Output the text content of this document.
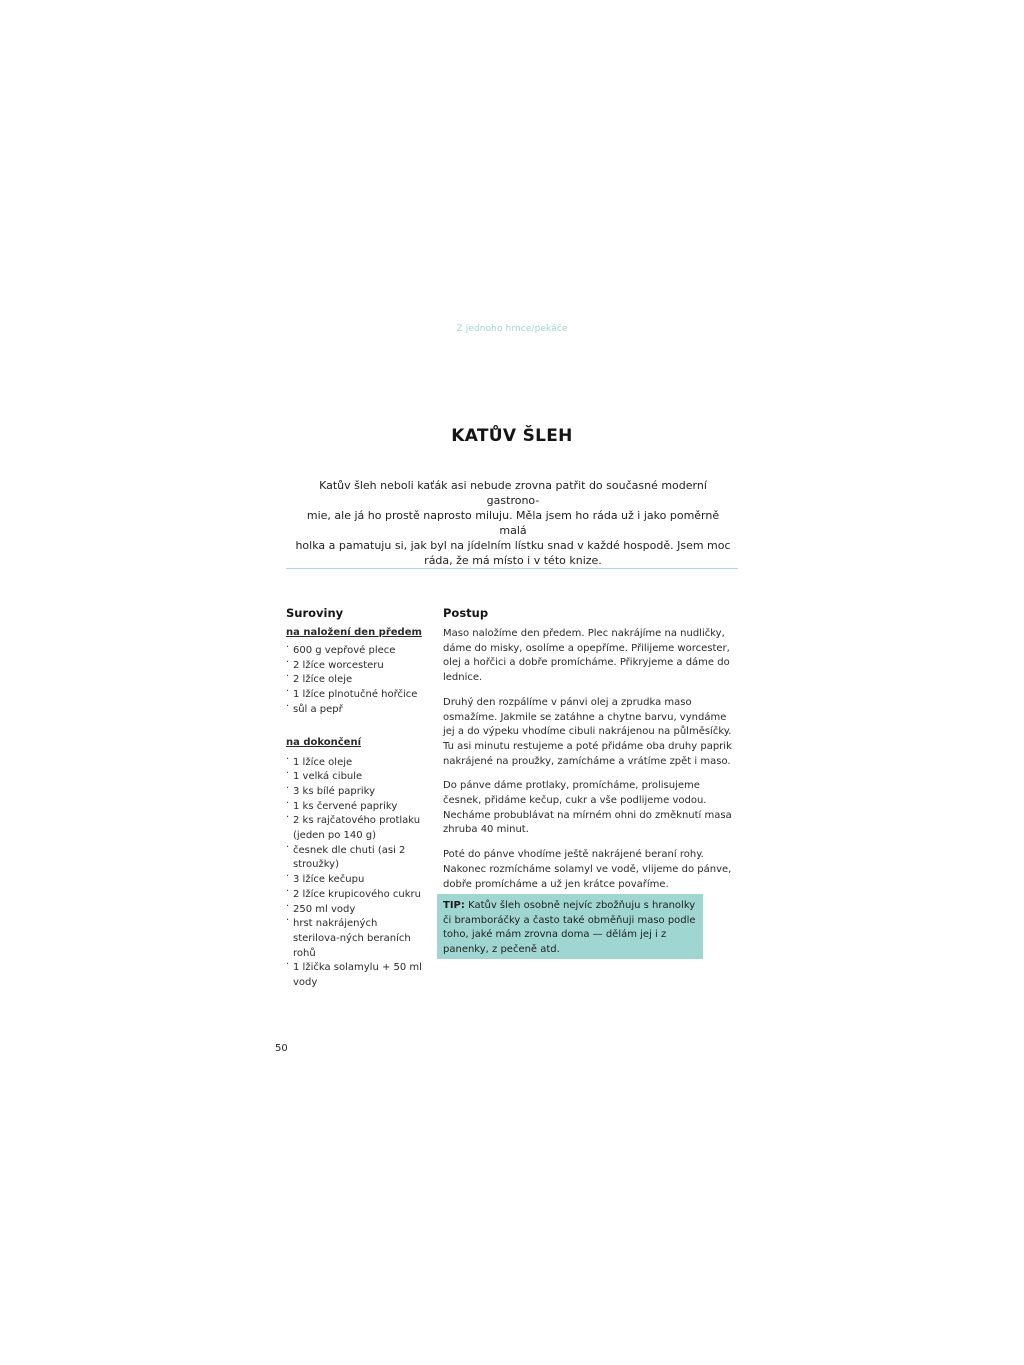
Z jednoho hrnce/pekáče
KATŮV ŠLEH

Katův šleh neboli kaťák asi nebude zrovna patřit do současné moderní gastrono-
mie, ale já ho prostě naprosto miluju. Měla jsem ho ráda už i jako poměrně malá
holka a pamatuju si, jak byl na jídelním lístku snad v každé hospodě. Jsem moc
ráda, že má místo i v této knize.

Suroviny
na naložení den předem
· 600 g vepřové plece
· 2 lžíce worcesteru
· 2 lžíce oleje
· 1 lžíce plnotučné hořčice
· sůl a pepř
na dokončení
· 1 lžíce oleje
· 1 velká cibule
· 3 ks bílé papriky
· 1 ks červené papriky
· 2 ks rajčatového protlaku (jeden po 140 g)
· česnek dle chuti (asi 2 stroužky)
· 3 lžíce kečupu
· 2 lžíce krupicového cukru
· 250 ml vody
· hrst nakrájených sterilova-ných beraních rohů
· 1 lžička solamylu + 50 ml vody
Postup

Maso naložíme den předem. Plec nakrájíme na nudličky, dáme do misky, osolíme a opepříme. Přilijeme worcester, olej a hořčici a dobře promícháme. Přikryjeme a dáme do lednice.

Druhý den rozpálíme v pánvi olej a zprudka maso osmažíme. Jakmile se zatáhne a chytne barvu, vyndáme jej a do výpeku vhodíme cibuli nakrájenou na půlměsíčky. Tu asi minutu restujeme a poté přidáme oba druhy paprik nakrájené na proužky, zamícháme a vrátíme zpět i maso.

Do pánve dáme protlaky, promícháme, prolisujeme česnek, přidáme kečup, cukr a vše podlijeme vodou. Necháme probublávat na mírném ohni do změknutí masa zhruba 40 minut.

Poté do pánve vhodíme ještě nakrájené beraní rohy. Nakonec rozmícháme solamyl ve vodě, vlijeme do pánve, dobře promícháme a už jen krátce povaříme.

TIP: Katův šleh osobně nejvíc zbožňuju s hranolky či bramboráčky a často také obměňuji maso podle toho, jaké mám zrovna doma — dělám jej i z panenky, z pečeně atd.

50
